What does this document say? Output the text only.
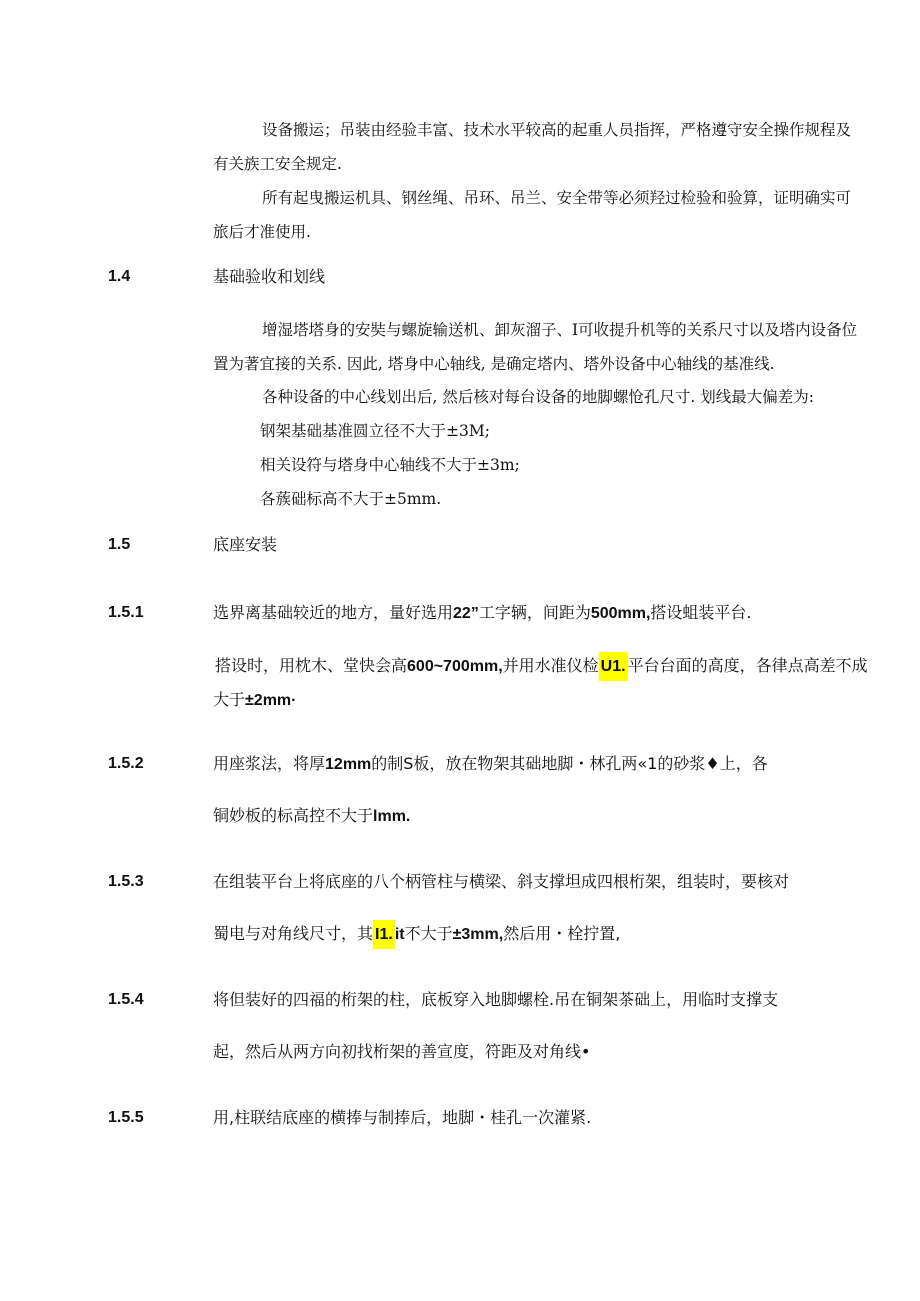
设备搬运；吊装由经验丰富、技术水平较高的起重人员指挥，严格遵守安全操作规程及
有关族工安全规定.
所有起曳搬运机具、钢丝绳、吊环、吊兰、安全带等必须羟过检验和验算，证明确实可
旅后才准使用.
1.4	基础验收和划线
增湿塔塔身的安奘与螺旋输送机、卸灰溜子、I可收提升机等的关系尺寸以及塔内设备位
置为著宜接的关系. 因此, 塔身中心轴线, 是确定塔内、塔外设备中心轴线的基准线.
各种设备的中心线划出后, 然后核对每台设备的地脚螺怆孔尺寸. 划线最大偏差为:
钢架基础基准圆立径不大于±3M;
相关设符与塔身中心轴线不大于±3m;
各蔟础标高不大于±5mm.
1.5	底座安装
1.5.1	选界离基础较近的地方，量好选用22”工字辆，间距为500mm,搭设蛆装平台.
搭设时，用枕木、堂快会高600~700mm,并用水准仪检 U1. 平台台面的高度，各律点高差不成
大于±2mm·
1.5.2	用座浆法，将厚12mm的制S板，放在物架其础地脚・林孔两«1的砂浆♦上，各
铜妙板的标高控不大于lmm.
1.5.3	在组装平台上将底座的八个柄管柱与横梁、斜支撑坦成四根桁架，组装时，要核对
蜀电与对角线尺寸，其 I1. it不大于±3mm,然后用・栓拧置,
1.5.4	将但装好的四福的桁架的柱，底板穿入地脚螺栓.吊在铜架茶础上，用临时支撑支
起，然后从两方向初找桁架的善宣度，符距及对角线•
1.5.5	用,柱联结底座的横捧与制捧后，地脚・桂孔一次灌紧.
